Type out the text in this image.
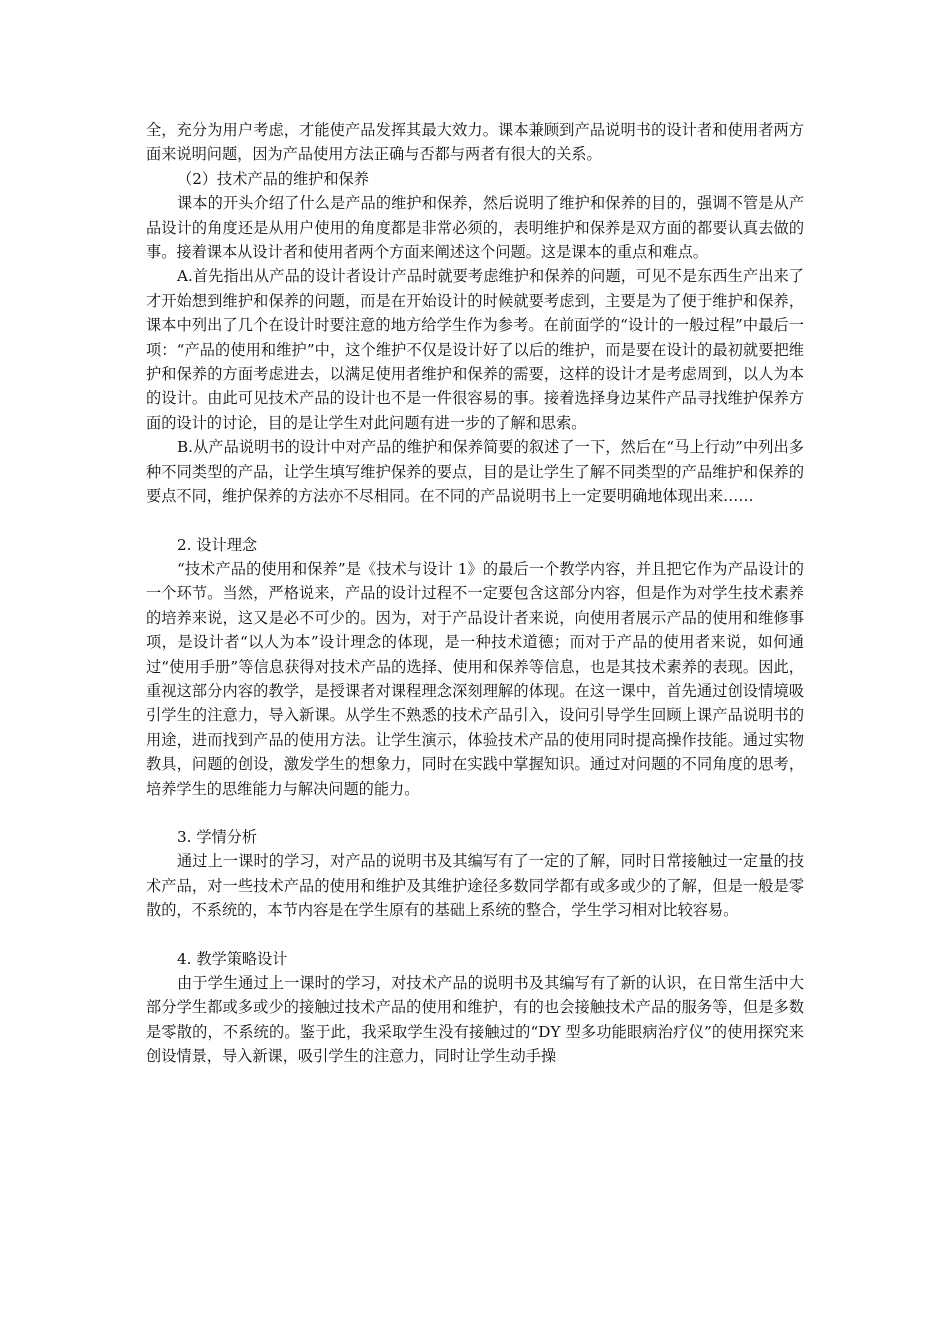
全，充分为用户考虑，才能使产品发挥其最大效力。课本兼顾到产品说明书的设计者和使用者两方面来说明问题，因为产品使用方法正确与否都与两者有很大的关系。

（2）技术产品的维护和保养

课本的开头介绍了什么是产品的维护和保养，然后说明了维护和保养的目的，强调不管是从产品设计的角度还是从用户使用的角度都是非常必须的，表明维护和保养是双方面的都要认真去做的事。接着课本从设计者和使用者两个方面来阐述这个问题。这是课本的重点和难点。

A.首先指出从产品的设计者设计产品时就要考虑维护和保养的问题，可见不是东西生产出来了才开始想到维护和保养的问题，而是在开始设计的时候就要考虑到，主要是为了便于维护和保养，课本中列出了几个在设计时要注意的地方给学生作为参考。在前面学的“设计的一般过程”中最后一项：“产品的使用和维护”中，这个维护不仅是设计好了以后的维护，而是要在设计的最初就要把维护和保养的方面考虑进去，以满足使用者维护和保养的需要，这样的设计才是考虑周到，以人为本的设计。由此可见技术产品的设计也不是一件很容易的事。接着选择身边某件产品寻找维护保养方面的设计的讨论，目的是让学生对此问题有进一步的了解和思索。

B.从产品说明书的设计中对产品的维护和保养简要的叙述了一下，然后在“马上行动”中列出多种不同类型的产品，让学生填写维护保养的要点，目的是让学生了解不同类型的产品维护和保养的要点不同，维护保养的方法亦不尽相同。在不同的产品说明书上一定要明确地体现出来……

2. 设计理念

“技术产品的使用和保养”是《技术与设计 1》的最后一个教学内容，并且把它作为产品设计的一个环节。当然，严格说来，产品的设计过程不一定要包含这部分内容，但是作为对学生技术素养的培养来说，这又是必不可少的。因为，对于产品设计者来说，向使用者展示产品的使用和维修事项，是设计者“以人为本”设计理念的体现，是一种技术道德；而对于产品的使用者来说，如何通过“使用手册”等信息获得对技术产品的选择、使用和保养等信息，也是其技术素养的表现。因此，重视这部分内容的教学，是授课者对课程理念深刻理解的体现。在这一课中，首先通过创设情境吸引学生的注意力，导入新课。从学生不熟悉的技术产品引入，设问引导学生回顾上课产品说明书的用途，进而找到产品的使用方法。让学生演示，体验技术产品的使用同时提高操作技能。通过实物教具，问题的创设，激发学生的想象力，同时在实践中掌握知识。通过对问题的不同角度的思考，培养学生的思维能力与解决问题的能力。

3. 学情分析

通过上一课时的学习，对产品的说明书及其编写有了一定的了解，同时日常接触过一定量的技术产品，对一些技术产品的使用和维护及其维护途径多数同学都有或多或少的了解，但是一般是零散的，不系统的，本节内容是在学生原有的基础上系统的整合，学生学习相对比较容易。

4. 教学策略设计

由于学生通过上一课时的学习，对技术产品的说明书及其编写有了新的认识，在日常生活中大部分学生都或多或少的接触过技术产品的使用和维护，有的也会接触技术产品的服务等，但是多数是零散的，不系统的。鉴于此，我采取学生没有接触过的“DY 型多功能眼病治疗仪”的使用探究来创设情景，导入新课，吸引学生的注意力，同时让学生动手操
